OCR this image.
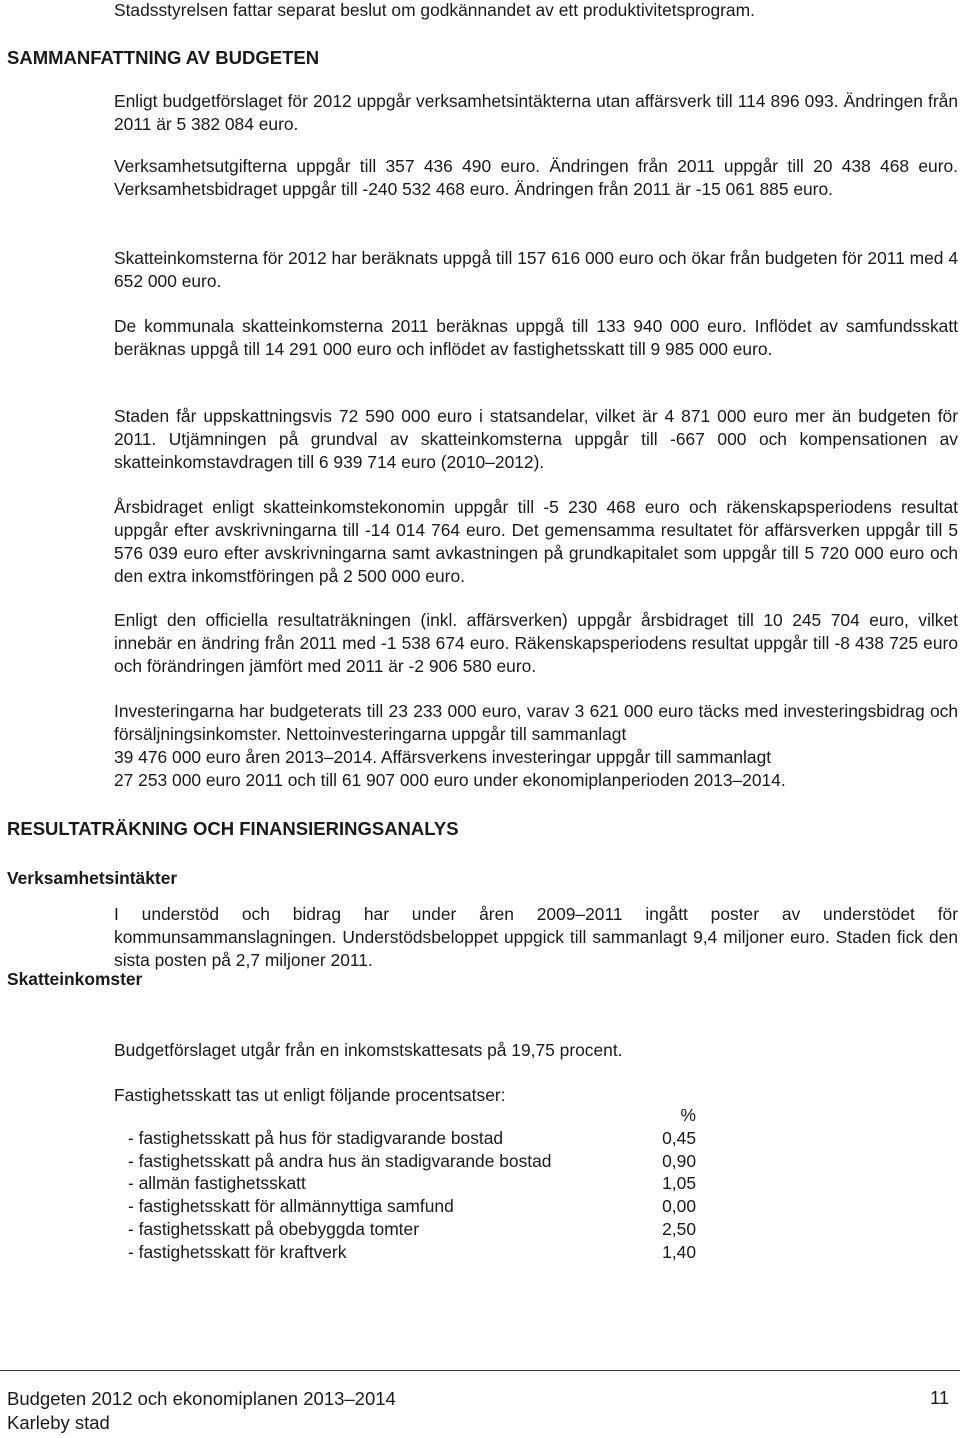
Stadsstyrelsen fattar separat beslut om godkännandet av ett produktivitetsprogram.

SAMMANFATTNING AV BUDGETEN

Enligt budgetförslaget för 2012 uppgår verksamhetsintäkterna utan affärsverk till 114 896 093. Ändringen från 2011 är 5 382 084 euro.

Verksamhetsutgifterna uppgår till 357 436 490 euro. Ändringen från 2011 uppgår till 20 438 468 euro. Verksamhetsbidraget uppgår till -240 532 468 euro. Ändringen från 2011 är -15 061 885 euro.

Skatteinkomsterna för 2012 har beräknats uppgå till 157 616 000 euro och ökar från budgeten för 2011 med 4 652 000 euro.

De kommunala skatteinkomsterna 2011 beräknas uppgå till 133 940 000 euro. Inflödet av samfundsskatt beräknas uppgå till 14 291 000 euro och inflödet av fastighetsskatt till 9 985 000 euro.

Staden får uppskattningsvis 72 590 000 euro i statsandelar, vilket är 4 871 000 euro mer än budgeten för 2011. Utjämningen på grundval av skatteinkomsterna uppgår till -667 000 och kompensationen av skatteinkomstavdragen till 6 939 714 euro (2010–2012).

Årsbidraget enligt skatteinkomstekonomin uppgår till -5 230 468 euro och räkenskapsperiodens resultat uppgår efter avskrivningarna till -14 014 764 euro. Det gemensamma resultatet för affärsverken uppgår till 5 576 039 euro efter avskrivningarna samt avkastningen på grundkapitalet som uppgår till 5 720 000 euro och den extra inkomstföringen på 2 500 000 euro.

Enligt den officiella resultaträkningen (inkl. affärsverken) uppgår årsbidraget till 10 245 704 euro, vilket innebär en ändring från 2011 med -1 538 674 euro. Räkenskapsperiodens resultat uppgår till -8 438 725 euro och förändringen jämfört med 2011 är -2 906 580 euro.

Investeringarna har budgeterats till 23 233 000 euro, varav 3 621 000 euro täcks med investeringsbidrag och försäljningsinkomster. Nettoinvesteringarna uppgår till sammanlagt

39 476 000 euro åren 2013–2014. Affärsverkens investeringar uppgår till sammanlagt

27 253 000 euro 2011 och till 61 907 000 euro under ekonomiplanperioden 2013–2014.

RESULTATRÄKNING OCH FINANSIERINGSANALYS
Verksamhetsintäkter

I understöd och bidrag har under åren 2009–2011 ingått poster av understödet för kommunsammanslagningen. Understödsbeloppet uppgick till sammanlagt 9,4 miljoner euro. Staden fick den sista posten på 2,7 miljoner 2011.

Skatteinkomster

Budgetförslaget utgår från en inkomstskattesats på 19,75 procent.

Fastighetsskatt tas ut enligt följande procentsatser:

	%
- fastighetsskatt på hus för stadigvarande bostad	0,45
- fastighetsskatt på andra hus än stadigvarande bostad	0,90
- allmän fastighetsskatt	1,05
- fastighetsskatt för allmännyttiga samfund	0,00
- fastighetsskatt på obebyggda tomter	2,50
- fastighetsskatt för kraftverk	1,40

Budgeten 2012 och ekonomiplanen 2013–2014

Karleby stad

11
